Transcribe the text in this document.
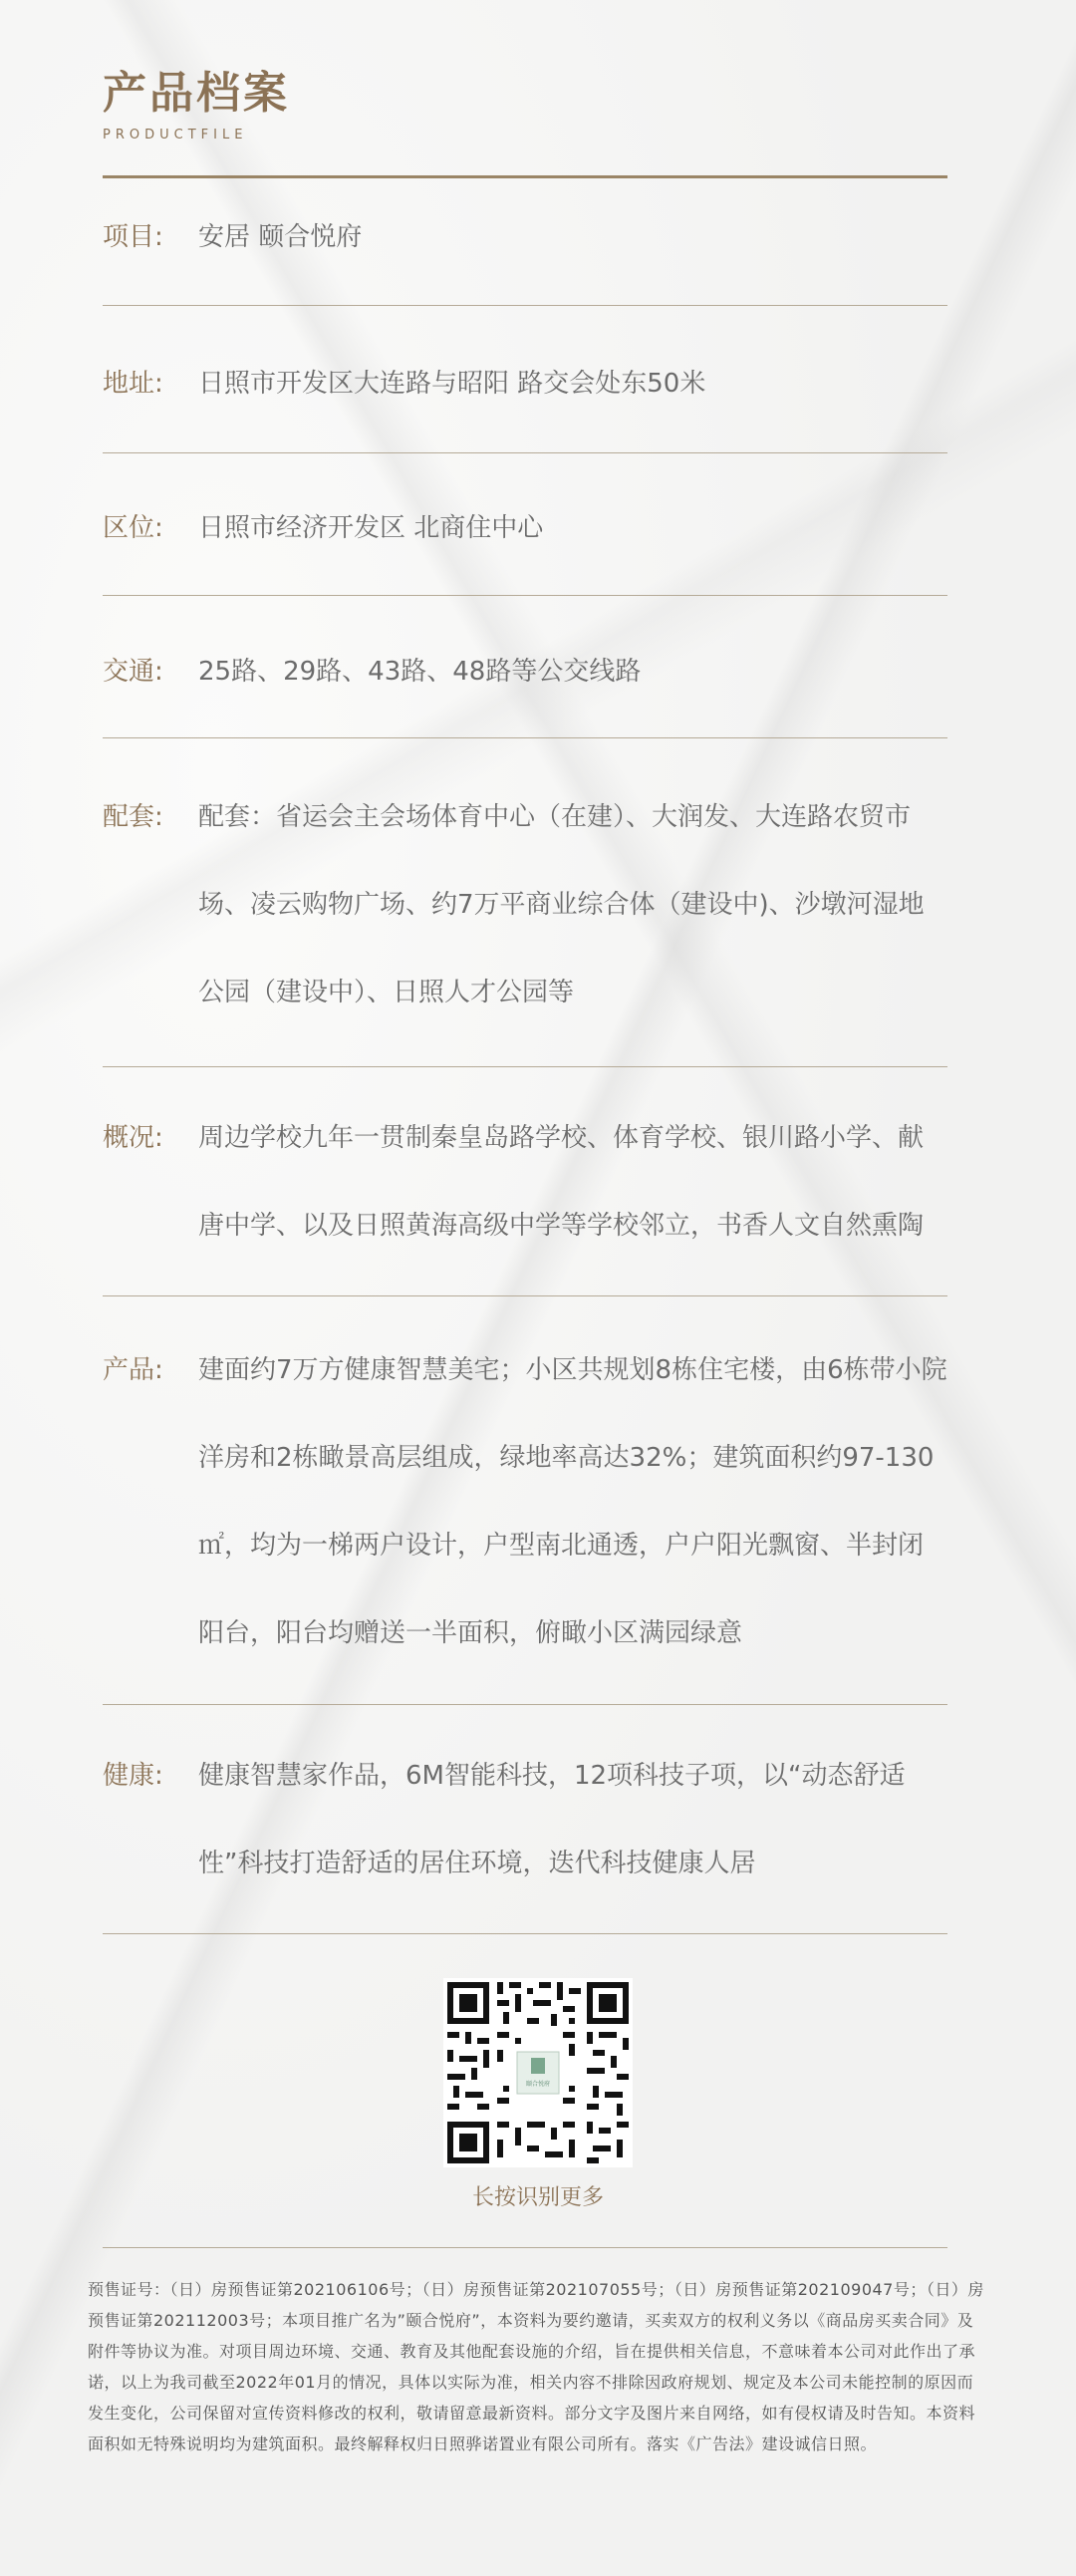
产品档案
PRODUCTFILE
项目: 安居 颐合悦府
地址: 日照市开发区大连路与昭阳 路交会处东50米
区位: 日照市经济开发区 北商住中心
交通: 25路、29路、43路、48路等公交线路
配套: 配套：省运会主会场体育中心（在建）、大润发、大连路农贸市场、凌云购物广场、约7万平商业综合体（建设中)、沙墩河湿地公园（建设中）、日照人才公园等
概况: 周边学校九年一贯制秦皇岛路学校、体育学校、银川路小学、献唐中学、以及日照黄海高级中学等学校邻立，书香人文自然熏陶
产品: 建面约7万方健康智慧美宅；小区共规划8栋住宅楼，由6栋带小院洋房和2栋瞰景高层组成，绿地率高达32%；建筑面积约97-130㎡，均为一梯两户设计，户型南北通透，户户阳光飘窗、半封闭阳台，阳台均赠送一半面积，俯瞰小区满园绿意
健康: 健康智慧家作品，6M智能科技，12项科技子项，以“动态舒适性”科技打造舒适的居住环境，迭代科技健康人居
颐合悦府
长按识别更多
预售证号：（日）房预售证第202106106号；（日）房预售证第202107055号；（日）房预售证第202109047号；（日）房预售证第202112003号；本项目推广名为”颐合悦府”，本资料为要约邀请，买卖双方的权利义务以《商品房买卖合同》及附件等协议为准。对项目周边环境、交通、教育及其他配套设施的介绍，旨在提供相关信息，不意味着本公司对此作出了承诺，以上为我司截至2022年01月的情况，具体以实际为准，相关内容不排除因政府规划、规定及本公司未能控制的原因而发生变化，公司保留对宣传资料修改的权利，敬请留意最新资料。部分文字及图片来自网络，如有侵权请及时告知。本资料面积如无特殊说明均为建筑面积。最终解释权归日照骅诺置业有限公司所有。落实《广告法》建设诚信日照。
